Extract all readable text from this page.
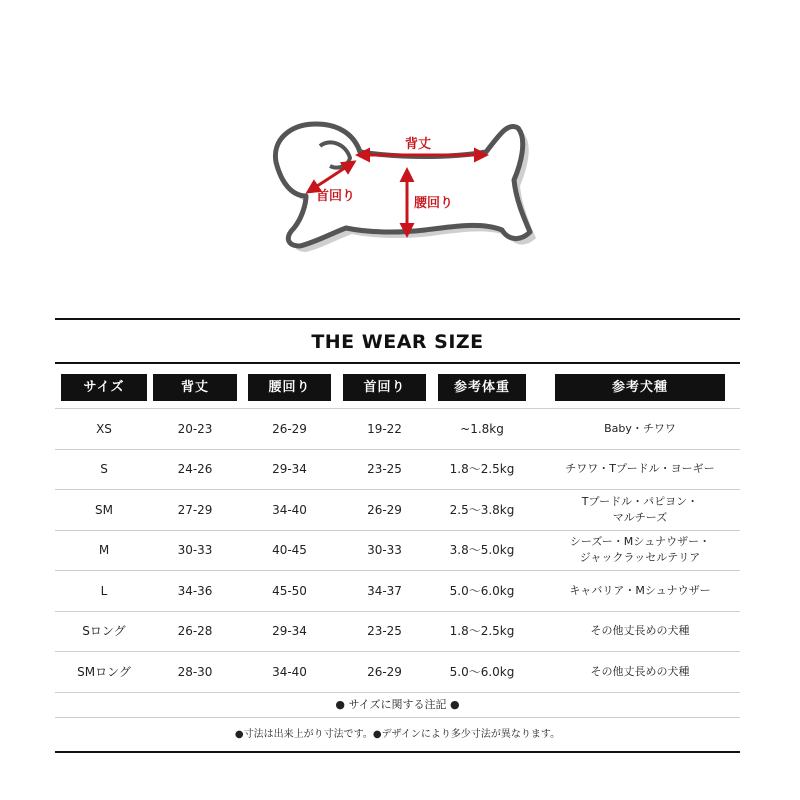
背丈
首回り	腰回り
THE WEAR SIZE
サイズ	背丈	腰回り	首回り	参考体重	参考犬種
XS	20-23	26-29	19-22	~1.8kg	Baby・チワワ
S	24-26	29-34	23-25	1.8～2.5kg	チワワ・Tプードル・ヨーギー
SM	27-29	34-40	26-29	2.5～3.8kg
Tプードル・パピヨン・
マルチーズ
M	30-33	40-45	30-33	3.8～5.0kg
シーズー・Mシュナウザー・
ジャックラッセルテリア
L	34-36	45-50	34-37	5.0～6.0kg	キャバリア・Mシュナウザー
Sロング	26-28	29-34	23-25	1.8～2.5kg	その他丈長めの犬種
SMロング	28-30	34-40	26-29	5.0～6.0kg	その他丈長めの犬種
● サイズに関する注記 ●
●寸法は出来上がり寸法です。●デザインにより多少寸法が異なります。
